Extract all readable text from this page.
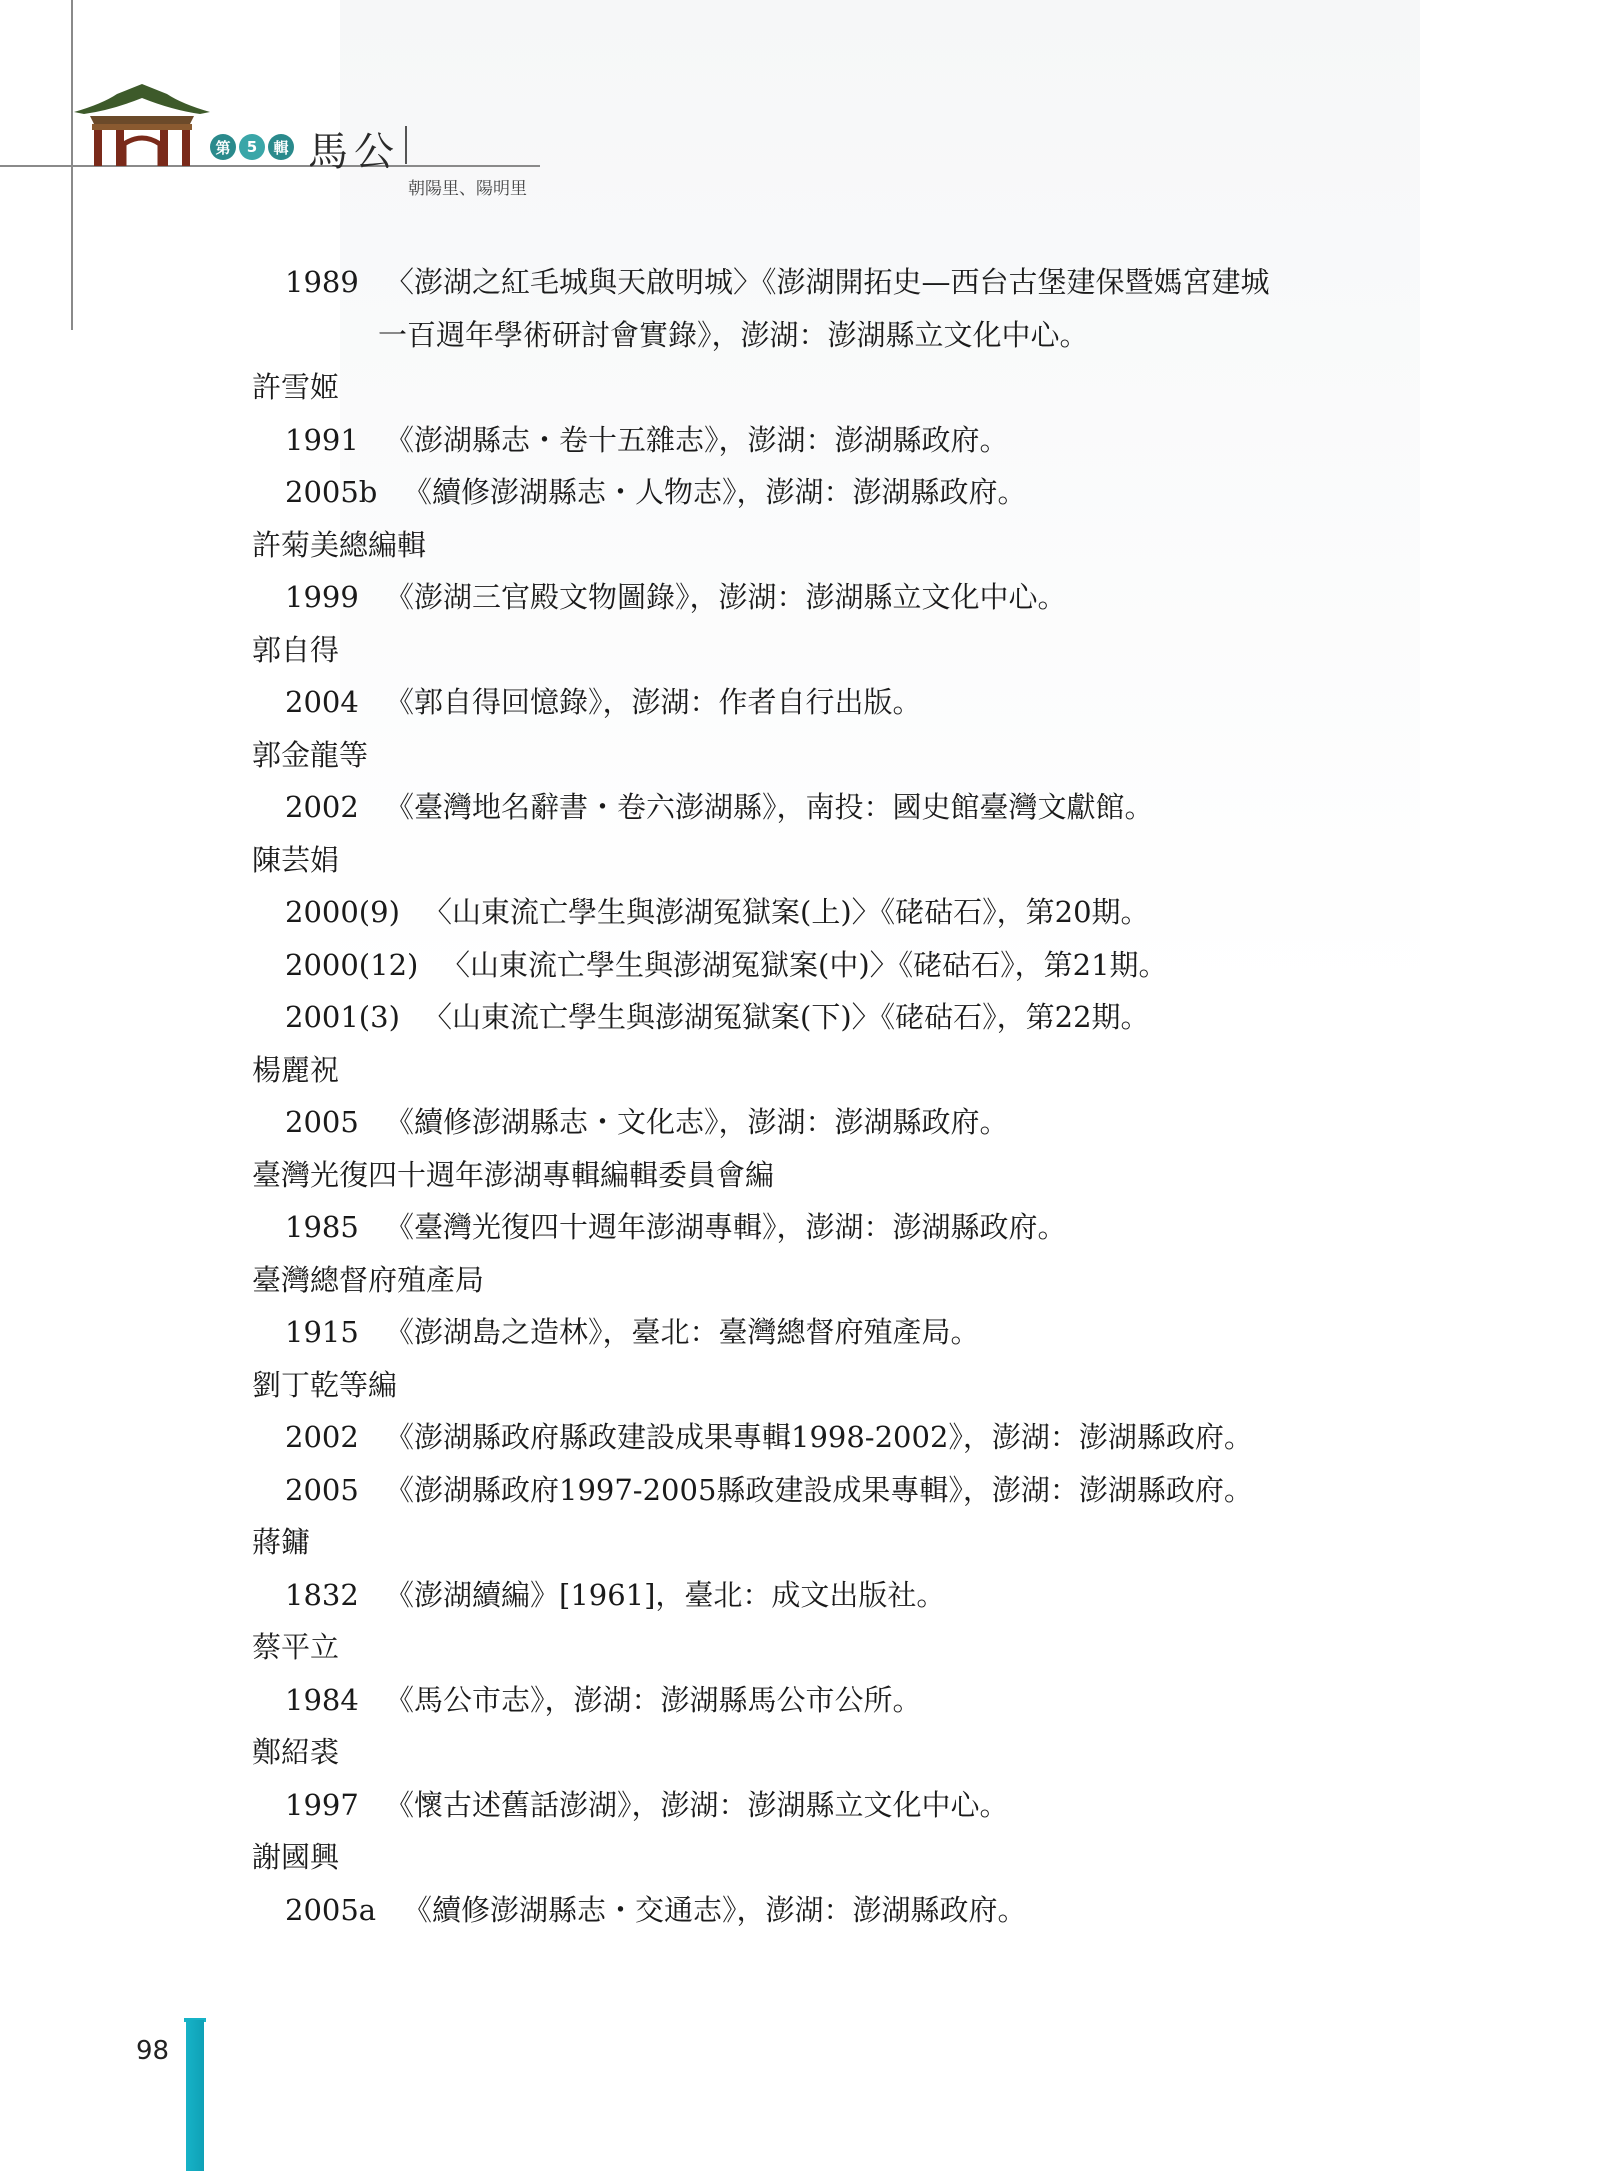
第	5	輯 馬公
朝陽里、陽明里
1989 〈澎湖之紅毛城與天啟明城〉《澎湖開拓史—西台古堡建保暨媽宮建城
一百週年學術研討會實錄》，澎湖：澎湖縣立文化中心。
許雪姬
1991 《澎湖縣志・卷十五雜志》，澎湖：澎湖縣政府。
2005b 《續修澎湖縣志・人物志》，澎湖：澎湖縣政府。
許菊美總編輯
1999 《澎湖三官殿文物圖錄》，澎湖：澎湖縣立文化中心。
郭自得
2004 《郭自得回憶錄》，澎湖：作者自行出版。
郭金龍等
2002 《臺灣地名辭書・卷六澎湖縣》，南投：國史館臺灣文獻館。
陳芸娟
2000(9) 〈山東流亡學生與澎湖冤獄案(上)〉《硓𥑮石》，第20期。
2000(12) 〈山東流亡學生與澎湖冤獄案(中)〉《硓𥑮石》，第21期。
2001(3) 〈山東流亡學生與澎湖冤獄案(下)〉《硓𥑮石》，第22期。
楊麗祝
2005 《續修澎湖縣志・文化志》，澎湖：澎湖縣政府。
臺灣光復四十週年澎湖專輯編輯委員會編
1985 《臺灣光復四十週年澎湖專輯》，澎湖：澎湖縣政府。
臺灣總督府殖產局
1915 《澎湖島之造林》，臺北：臺灣總督府殖產局。
劉丁乾等編
2002 《澎湖縣政府縣政建設成果專輯1998-2002》，澎湖：澎湖縣政府。
2005 《澎湖縣政府1997-2005縣政建設成果專輯》，澎湖：澎湖縣政府。
蔣鏞
1832 《澎湖續編》[1961]，臺北：成文出版社。
蔡平立
1984 《馬公市志》，澎湖：澎湖縣馬公市公所。
鄭紹裘
1997 《懷古述舊話澎湖》，澎湖：澎湖縣立文化中心。
謝國興
2005a 《續修澎湖縣志・交通志》，澎湖：澎湖縣政府。
98
